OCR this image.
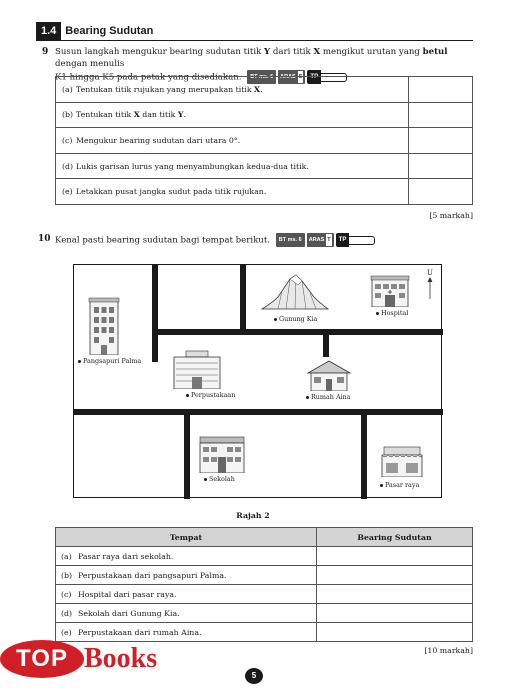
1.4 Bearing Sudutan
9 Susun langkah mengukur bearing sudutan titik Y dari titik X mengikut urutan yang betul dengan menulis
K1 hingga K5 pada petak yang disediakan.	BT ms. 6	ARAS S	TP
(a) Tentukan titik rujukan yang merupakan titik X.	
(b) Tentukan titik X dan titik Y.	
(c) Mengukur bearing sudutan dari utara 0°.	
(d) Lukis garisan lurus yang menyambungkan kedua-dua titik.	
(e) Letakkan pusat jangka sudut pada titik rujukan.	
[5 markah]
10 Kenal pasti bearing sudutan bagi tempat berikut.	BT ms. 6	ARAS T	TP
Pangsapuri Palma
Gunung Kia
Hospital
U
Perpustakaan	Rumah Aina
Sekolah
Pasar raya
Rajah 2
Tempat	Bearing Sudutan
(a) Pasar raya dari sekolah.	
(b) Perpustakaan dari pangsapuri Palma.	
(c) Hospital dari pasar raya.	
(d) Sekolah dari Gunung Kia.	
(e) Perpustakaan dari rumah Aina.	
[10 markah]
TOP Books
5
